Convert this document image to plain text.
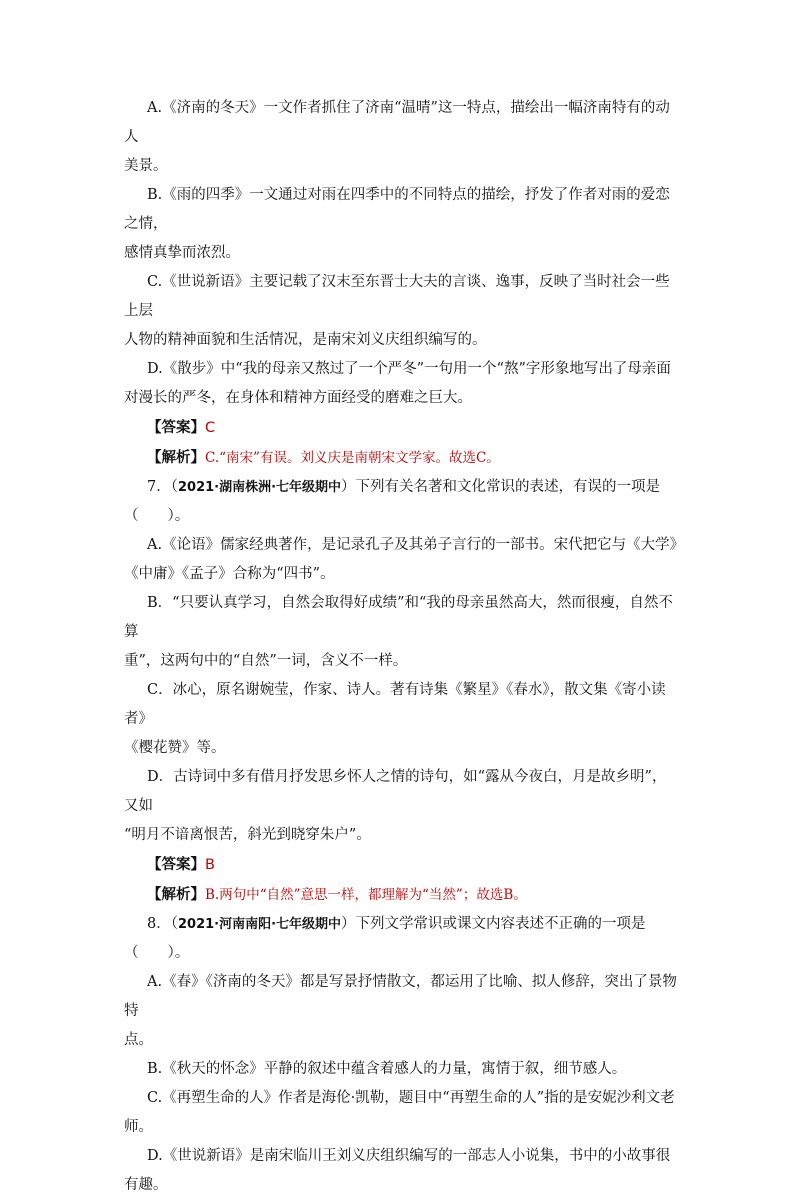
A.《济南的冬天》一文作者抓住了济南“温晴”这一特点，描绘出一幅济南特有的动人

美景。

B.《雨的四季》一文通过对雨在四季中的不同特点的描绘，抒发了作者对雨的爱恋之情，

感情真挚而浓烈。

C.《世说新语》主要记载了汉末至东晋士大夫的言谈、逸事，反映了当时社会一些上层

人物的精神面貌和生活情况，是南宋刘义庆组织编写的。

D.《散步》中“我的母亲又熬过了一个严冬”一句用一个“熬”字形象地写出了母亲面

对漫长的严冬，在身体和精神方面经受的磨难之巨大。

【答案】C

【解析】C.“南宋”有误。刘义庆是南朝宋文学家。故选C。

7．（2021·湖南株洲·七年级期中）下列有关名著和文化常识的表述，有误的一项是

（　　）。

A.《论语》儒家经典著作，是记录孔子及其弟子言行的一部书。宋代把它与《大学》

《中庸》《孟子》合称为“四书”。

B．“只要认真学习，自然会取得好成绩”和“我的母亲虽然高大，然而很瘦，自然不算

重”，这两句中的“自然”一词，含义不一样。

C．冰心，原名谢婉莹，作家、诗人。著有诗集《繁星》《春水》，散文集《寄小读者》

《樱花赞》等。

D．古诗词中多有借月抒发思乡怀人之情的诗句，如“露从今夜白，月是故乡明”，又如

“明月不谙离恨苦，斜光到晓穿朱户”。

【答案】B

【解析】B.两句中“自然”意思一样，都理解为“当然”；故选B。

8．（2021·河南南阳·七年级期中）下列文学常识或课文内容表述不正确的一项是

（　　）。

A.《春》《济南的冬天》都是写景抒情散文，都运用了比喻、拟人修辞，突出了景物特

点。

B.《秋天的怀念》平静的叙述中蕴含着感人的力量，寓情于叙，细节感人。

C.《再塑生命的人》作者是海伦·凯勒，题目中“再塑生命的人”指的是安妮沙利文老

师。

D.《世说新语》是南宋临川王刘义庆组织编写的一部志人小说集，书中的小故事很有趣。
